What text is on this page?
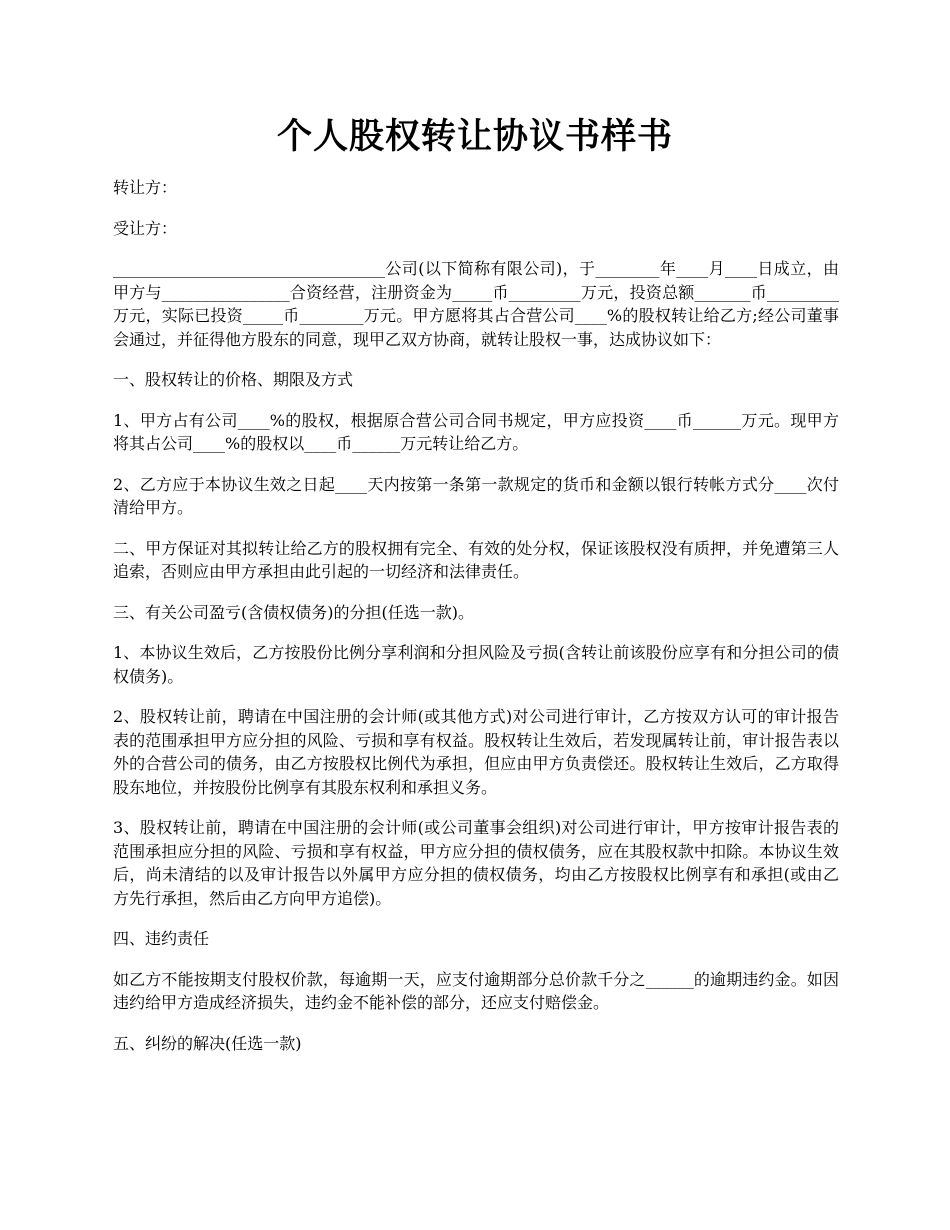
个人股权转让协议书样书

转让方：

受让方：

__________________________________公司(以下简称有限公司)，于________年____月____日成立，由甲方与________________合资经营，注册资金为_____币_________万元，投资总额_______币_________万元，实际已投资_____币________万元。甲方愿将其占合营公司____%的股权转让给乙方;经公司董事会通过，并征得他方股东的同意，现甲乙双方协商，就转让股权一事，达成协议如下：

一、股权转让的价格、期限及方式

1、甲方占有公司____%的股权，根据原合营公司合同书规定，甲方应投资____币______万元。现甲方将其占公司____%的股权以____币______万元转让给乙方。

2、乙方应于本协议生效之日起____天内按第一条第一款规定的货币和金额以银行转帐方式分____次付清给甲方。

二、甲方保证对其拟转让给乙方的股权拥有完全、有效的处分权，保证该股权没有质押，并免遭第三人追索，否则应由甲方承担由此引起的一切经济和法律责任。

三、有关公司盈亏(含债权债务)的分担(任选一款)。

1、本协议生效后，乙方按股份比例分享利润和分担风险及亏损(含转让前该股份应享有和分担公司的债权债务)。

2、股权转让前，聘请在中国注册的会计师(或其他方式)对公司进行审计，乙方按双方认可的审计报告表的范围承担甲方应分担的风险、亏损和享有权益。股权转让生效后，若发现属转让前，审计报告表以外的合营公司的债务，由乙方按股权比例代为承担，但应由甲方负责偿还。股权转让生效后，乙方取得股东地位，并按股份比例享有其股东权利和承担义务。

3、股权转让前，聘请在中国注册的会计师(或公司董事会组织)对公司进行审计，甲方按审计报告表的范围承担应分担的风险、亏损和享有权益，甲方应分担的债权债务，应在其股权款中扣除。本协议生效后，尚未清结的以及审计报告以外属甲方应分担的债权债务，均由乙方按股权比例享有和承担(或由乙方先行承担，然后由乙方向甲方追偿)。

四、违约责任

如乙方不能按期支付股权价款，每逾期一天，应支付逾期部分总价款千分之______的逾期违约金。如因违约给甲方造成经济损失，违约金不能补偿的部分，还应支付赔偿金。

五、纠纷的解决(任选一款)
